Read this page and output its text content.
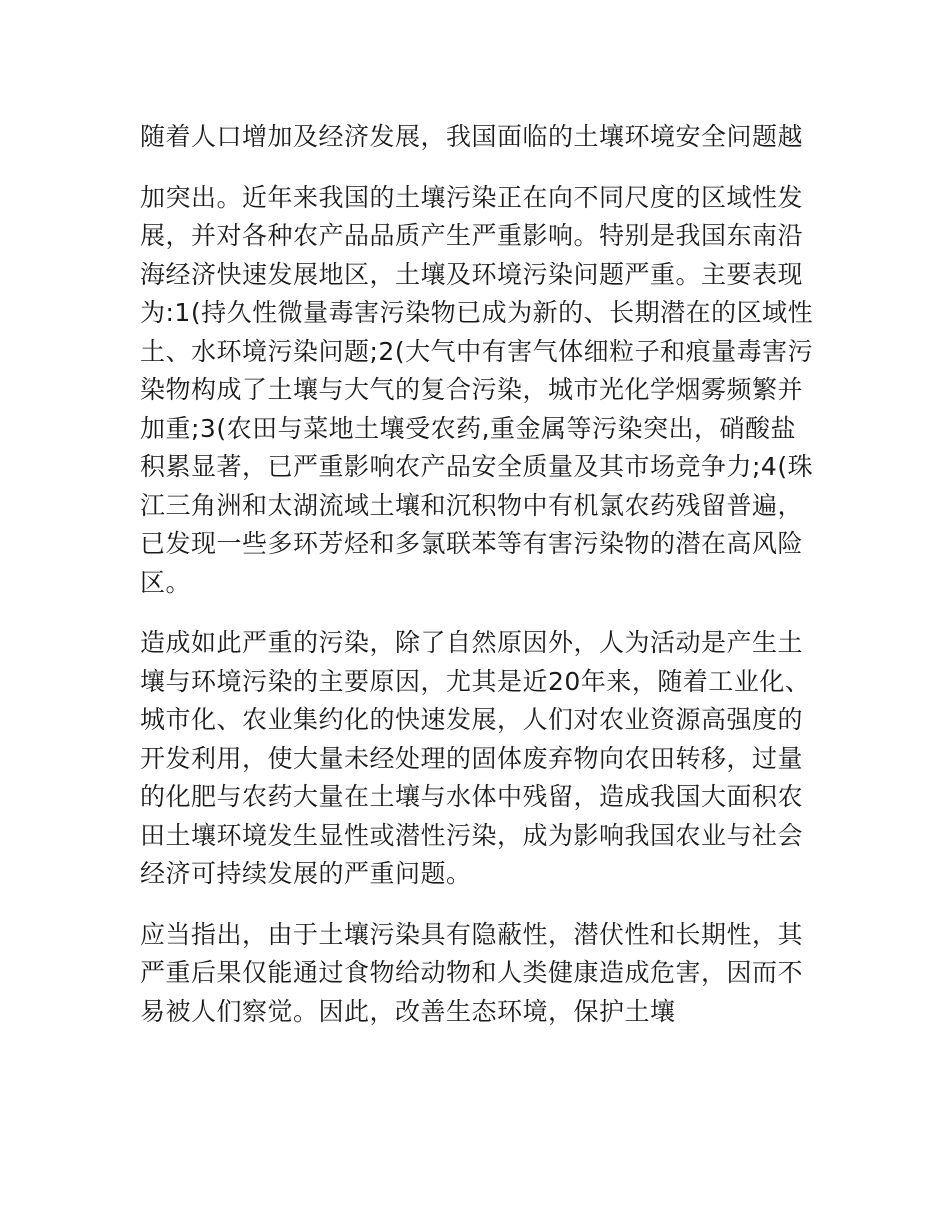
随着人口增加及经济发展，我国面临的土壤环境安全问题越

加突出。近年来我国的土壤污染正在向不同尺度的区域性发展，并对各种农产品品质产生严重影响。特别是我国东南沿海经济快速发展地区，土壤及环境污染问题严重。主要表现为:1(持久性微量毒害污染物已成为新的、长期潜在的区域性土、水环境污染问题;2(大气中有害气体细粒子和痕量毒害污染物构成了土壤与大气的复合污染，城市光化学烟雾频繁并加重;3(农田与菜地土壤受农药,重金属等污染突出，硝酸盐积累显著，已严重影响农产品安全质量及其市场竞争力;4(珠江三角洲和太湖流域土壤和沉积物中有机氯农药残留普遍，已发现一些多环芳烃和多氯联苯等有害污染物的潜在高风险区。

造成如此严重的污染，除了自然原因外，人为活动是产生土壤与环境污染的主要原因，尤其是近20年来，随着工业化、城市化、农业集约化的快速发展，人们对农业资源高强度的开发利用，使大量未经处理的固体废弃物向农田转移，过量的化肥与农药大量在土壤与水体中残留，造成我国大面积农田土壤环境发生显性或潜性污染，成为影响我国农业与社会经济可持续发展的严重问题。

应当指出，由于土壤污染具有隐蔽性，潜伏性和长期性，其严重后果仅能通过食物给动物和人类健康造成危害，因而不易被人们察觉。因此，改善生态环境，保护土壤
